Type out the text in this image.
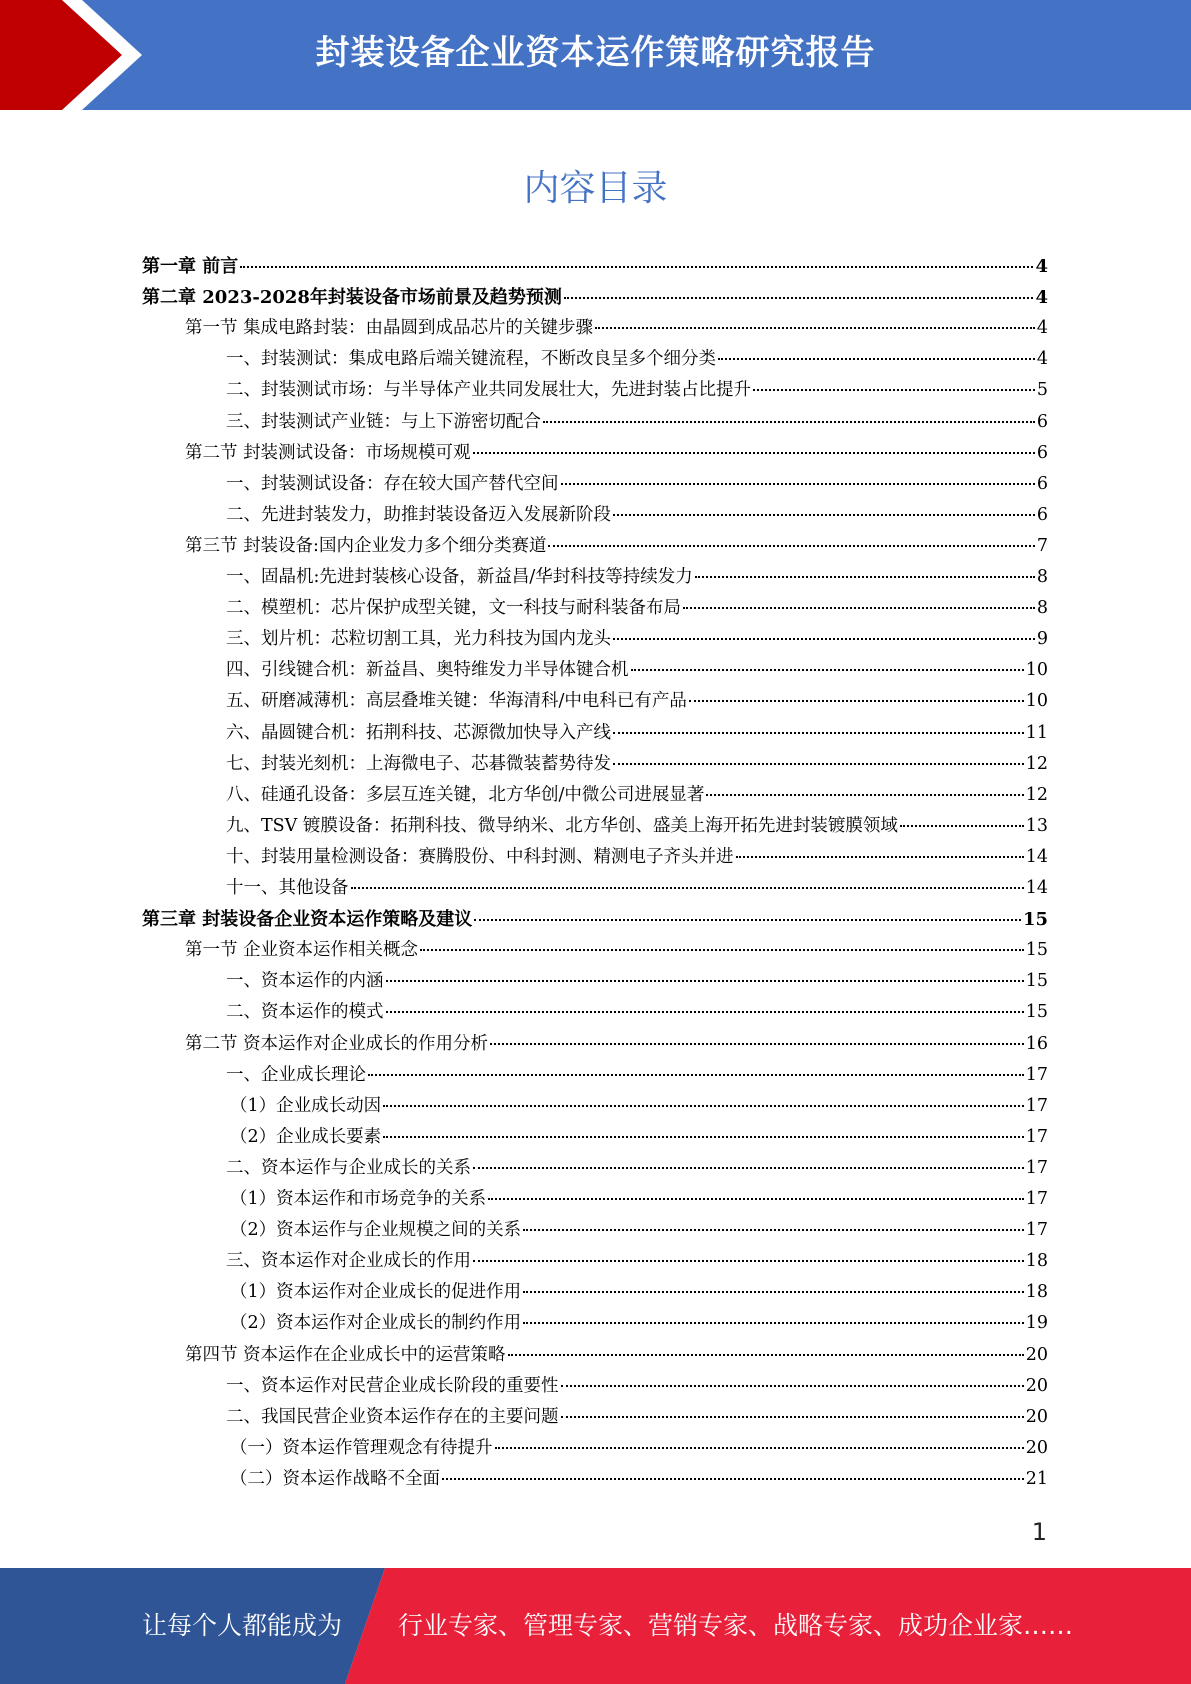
封装设备企业资本运作策略研究报告
内容目录
第一章 前言	4
第二章 2023-2028年封装设备市场前景及趋势预测	4
第一节 集成电路封装：由晶圆到成品芯片的关键步骤	4
一、封装测试：集成电路后端关键流程，不断改良呈多个细分类	4
二、封装测试市场：与半导体产业共同发展壮大，先进封装占比提升	5
三、封装测试产业链：与上下游密切配合	6
第二节 封装测试设备：市场规模可观	6
一、封装测试设备：存在较大国产替代空间	6
二、先进封装发力，助推封装设备迈入发展新阶段	6
第三节 封装设备:国内企业发力多个细分类赛道	7
一、固晶机:先进封装核心设备，新益昌/华封科技等持续发力	8
二、模塑机：芯片保护成型关键，文一科技与耐科装备布局	8
三、划片机：芯粒切割工具，光力科技为国内龙头	9
四、引线键合机：新益昌、奥特维发力半导体键合机	10
五、研磨减薄机：高层叠堆关键：华海清科/中电科已有产品	10
六、晶圆键合机：拓荆科技、芯源微加快导入产线	11
七、封装光刻机：上海微电子、芯碁微装蓄势待发	12
八、硅通孔设备：多层互连关键，北方华创/中微公司进展显著	12
九、TSV 镀膜设备：拓荆科技、微导纳米、北方华创、盛美上海开拓先进封装镀膜领域	13
十、封装用量检测设备：赛腾股份、中科封测、精测电子齐头并进	14
十一、其他设备	14
第三章 封装设备企业资本运作策略及建议	15
第一节 企业资本运作相关概念	15
一、资本运作的内涵	15
二、资本运作的模式	15
第二节 资本运作对企业成长的作用分析	16
一、企业成长理论	17
（1）企业成长动因	17
（2）企业成长要素	17
二、资本运作与企业成长的关系	17
（1）资本运作和市场竞争的关系	17
（2）资本运作与企业规模之间的关系	17
三、资本运作对企业成长的作用	18
（1）资本运作对企业成长的促进作用	18
（2）资本运作对企业成长的制约作用	19
第四节 资本运作在企业成长中的运营策略	20
一、资本运作对民营企业成长阶段的重要性	20
二、我国民营企业资本运作存在的主要问题	20
（一）资本运作管理观念有待提升	20
（二）资本运作战略不全面	21
1
让每个人都能成为 行业专家、管理专家、营销专家、战略专家、成功企业家……
